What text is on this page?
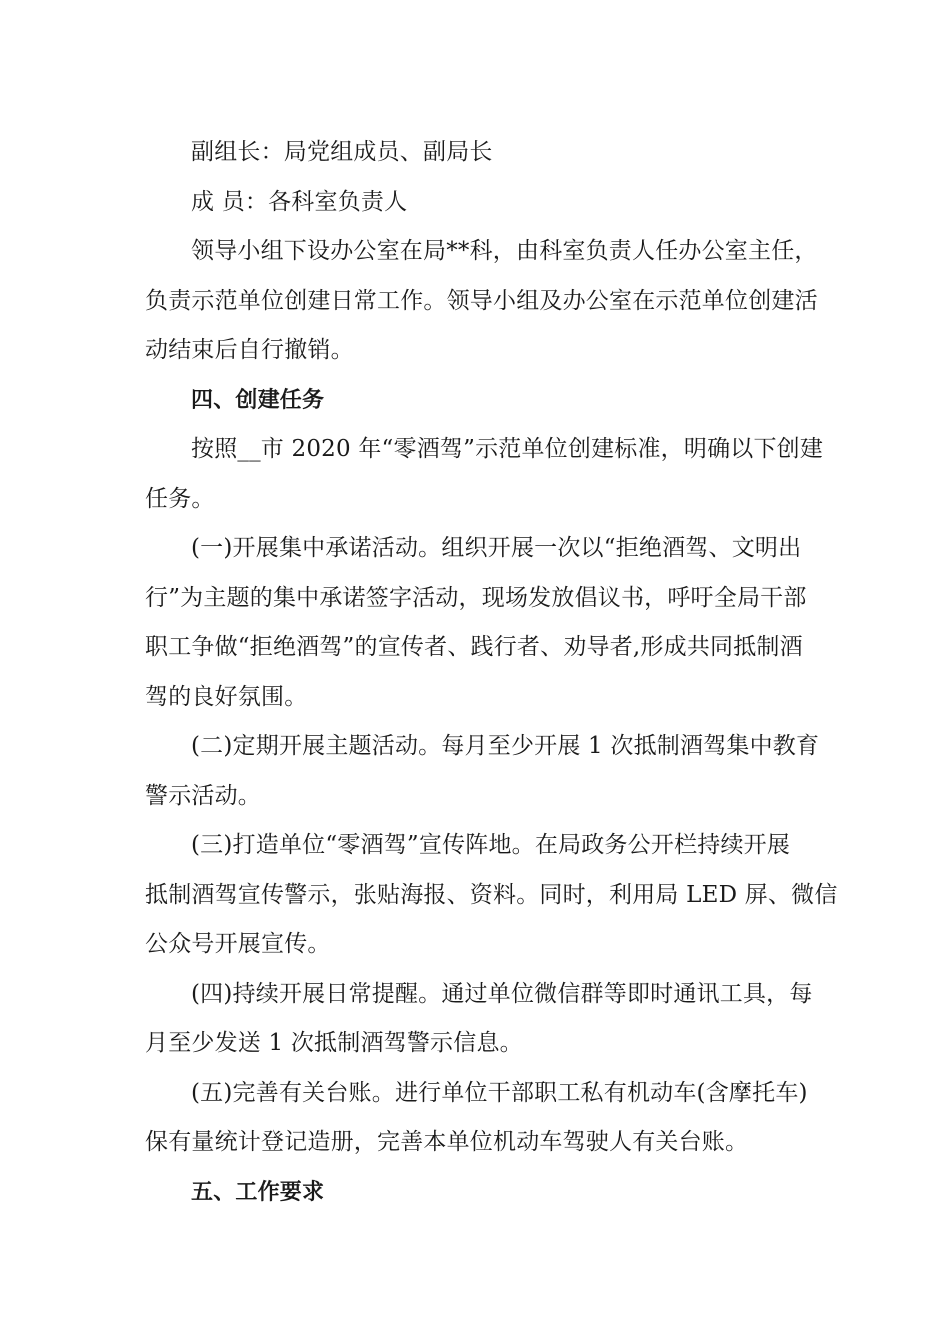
副组长：局党组成员、副局长
成 员：各科室负责人
领导小组下设办公室在局**科，由科室负责人任办公室主任，
负责示范单位创建日常工作。领导小组及办公室在示范单位创建活
动结束后自行撤销。
四、创建任务
按照__市 2020 年“零酒驾”示范单位创建标准，明确以下创建
任务。
(一)开展集中承诺活动。组织开展一次以“拒绝酒驾、文明出
行”为主题的集中承诺签字活动，现场发放倡议书，呼吁全局干部
职工争做“拒绝酒驾”的宣传者、践行者、劝导者,形成共同抵制酒
驾的良好氛围。
(二)定期开展主题活动。每月至少开展 1 次抵制酒驾集中教育
警示活动。
(三)打造单位“零酒驾”宣传阵地。在局政务公开栏持续开展
抵制酒驾宣传警示，张贴海报、资料。同时，利用局 LED 屏、微信
公众号开展宣传。
(四)持续开展日常提醒。通过单位微信群等即时通讯工具，每
月至少发送 1 次抵制酒驾警示信息。
(五)完善有关台账。进行单位干部职工私有机动车(含摩托车)
保有量统计登记造册，完善本单位机动车驾驶人有关台账。
五、工作要求
